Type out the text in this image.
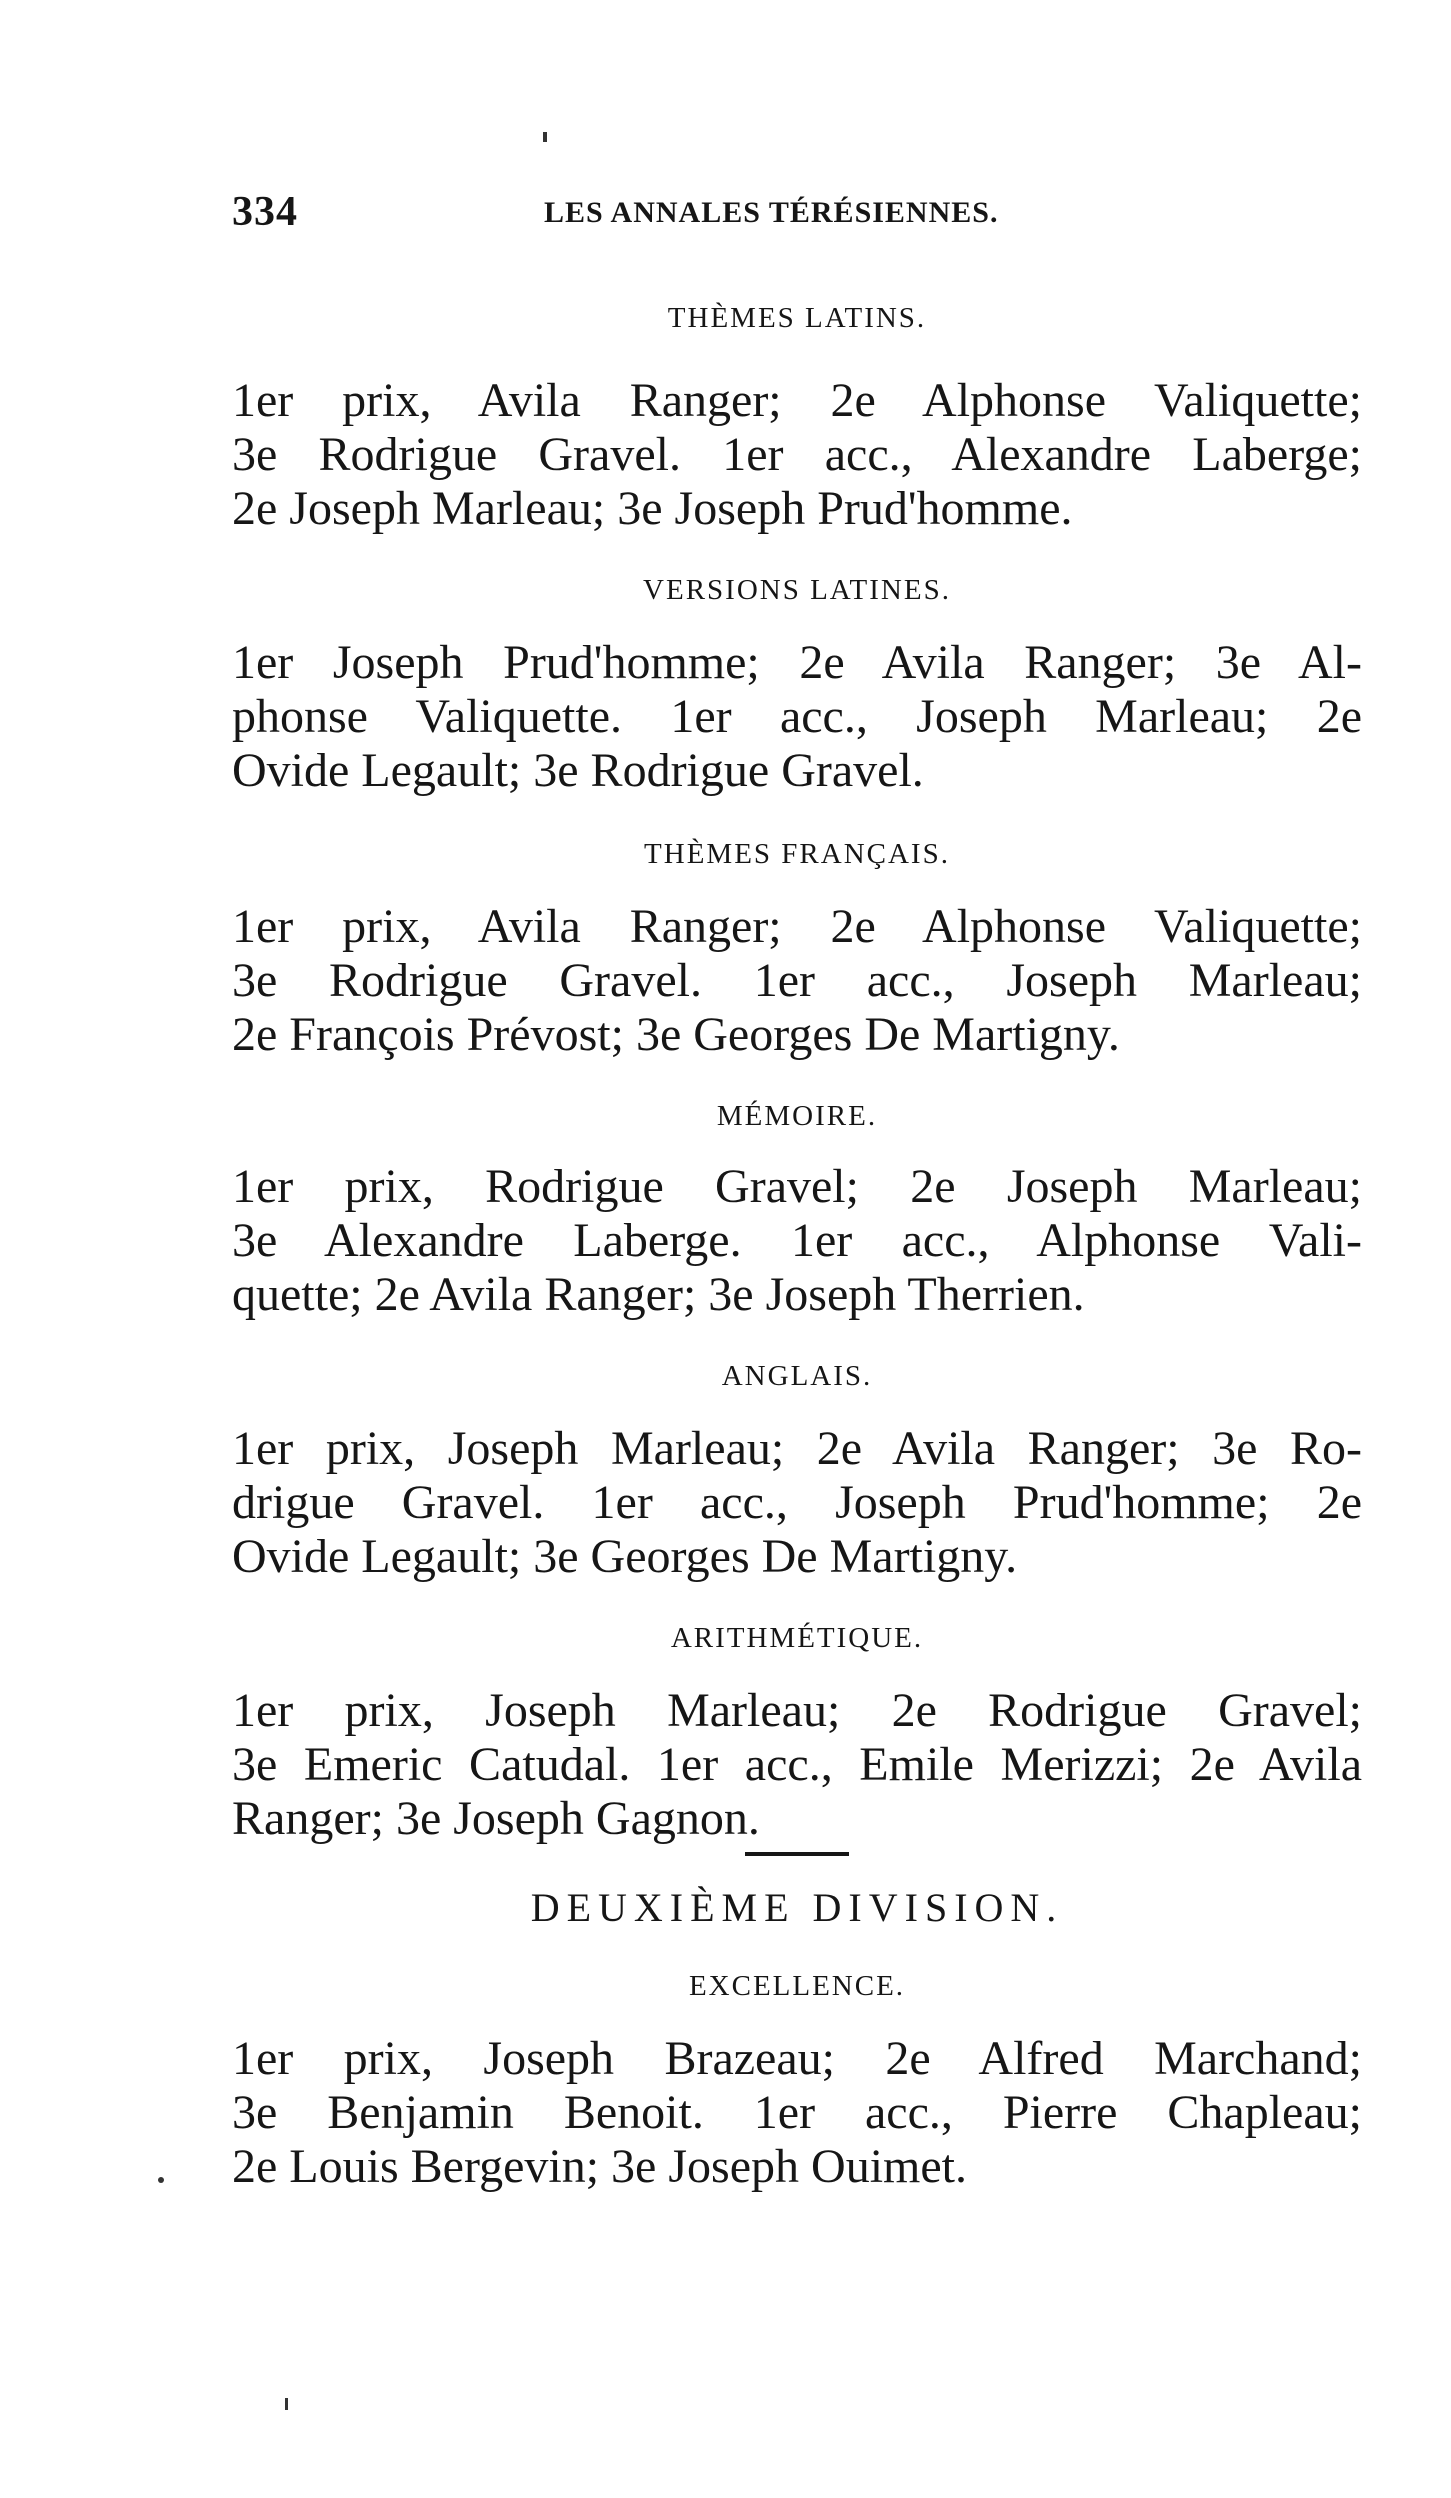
334	LES ANNALES TÉRÉSIENNES.
THÈMES LATINS.
1er prix, Avila Ranger; 2e Alphonse Valiquette;
3e Rodrigue Gravel. 1er acc., Alexandre Laberge;
2e Joseph Marleau; 3e Joseph Prud'homme.
VERSIONS LATINES.
1er Joseph Prud'homme; 2e Avila Ranger; 3e Al-
phonse Valiquette. 1er acc., Joseph Marleau; 2e
Ovide Legault; 3e Rodrigue Gravel.
THÈMES FRANÇAIS.
1er prix, Avila Ranger; 2e Alphonse Valiquette;
3e Rodrigue Gravel. 1er acc., Joseph Marleau;
2e François Prévost; 3e Georges De Martigny.
MÉMOIRE.
1er prix, Rodrigue Gravel; 2e Joseph Marleau;
3e Alexandre Laberge. 1er acc., Alphonse Vali-
quette; 2e Avila Ranger; 3e Joseph Therrien.
ANGLAIS.
1er prix, Joseph Marleau; 2e Avila Ranger; 3e Ro-
drigue Gravel. 1er acc., Joseph Prud'homme; 2e
Ovide Legault; 3e Georges De Martigny.
ARITHMÉTIQUE.
1er prix, Joseph Marleau; 2e Rodrigue Gravel;
3e Emeric Catudal. 1er acc., Emile Merizzi; 2e Avila
Ranger; 3e Joseph Gagnon.
DEUXIÈME DIVISION.
EXCELLENCE.
1er prix, Joseph Brazeau; 2e Alfred Marchand;
3e Benjamin Benoit. 1er acc., Pierre Chapleau;
2e Louis Bergevin; 3e Joseph Ouimet.
